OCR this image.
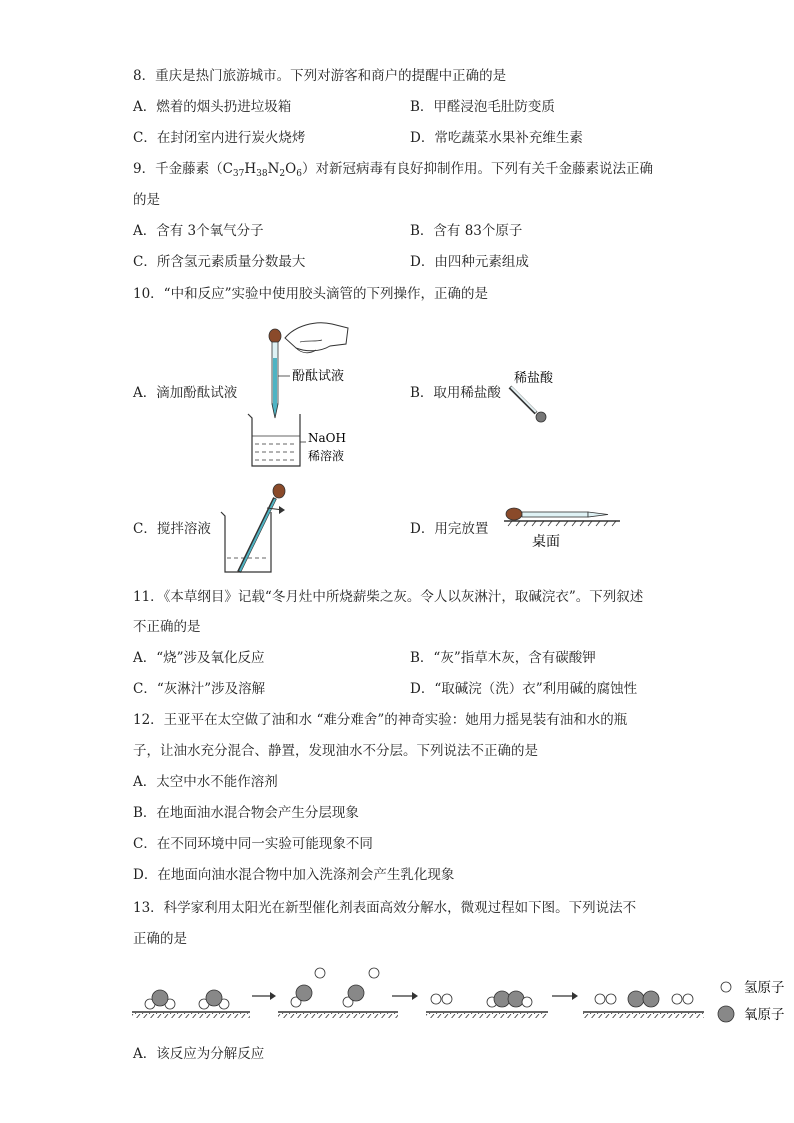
8．重庆是热门旅游城市。下列对游客和商户的提醒中正确的是
A．燃着的烟头扔进垃圾箱	B．甲醛浸泡毛肚防变质
C．在封闭室内进行炭火烧烤	D．常吃蔬菜水果补充维生素
9．千金藤素$(C_{37}H_{38}N_2O_6)$对新冠病毒有良好抑制作用。下列有关千金藤素说法正确
的是
A．含有 3个氧气分子	B．含有 83个原子
C．所含氢元素质量分数最大	D．由四种元素组成
10．“中和反应”实验中使用胶头滴管的下列操作，正确的是
A．滴加酚酞试液	B．取用稀盐酸
C．搅拌溶液	D．用完放置
酚酞试液
NaOH
稀溶液
稀盐酸
桌面
11．《本草纲目》记载“冬月灶中所烧薪柴之灰。令人以灰淋汁，取碱浣衣”。下列叙述
不正确的是
A．“烧”涉及氧化反应	B．“灰”指草木灰，含有碳酸钾
C．“灰淋汁”涉及溶解	D．“取碱浣（洗）衣”利用碱的腐蚀性
12．王亚平在太空做了油和水 “难分难舍”的神奇实验：她用力摇晃装有油和水的瓶
子，让油水充分混合、静置，发现油水不分层。下列说法不正确的是
A．太空中水不能作溶剂
B．在地面油水混合物会产生分层现象
C．在不同环境中同一实验可能现象不同
D．在地面向油水混合物中加入洗涤剂会产生乳化现象
13．科学家利用太阳光在新型催化剂表面高效分解水，微观过程如下图。下列说法不
正确的是
氢原子
氧原子
A．该反应为分解反应
